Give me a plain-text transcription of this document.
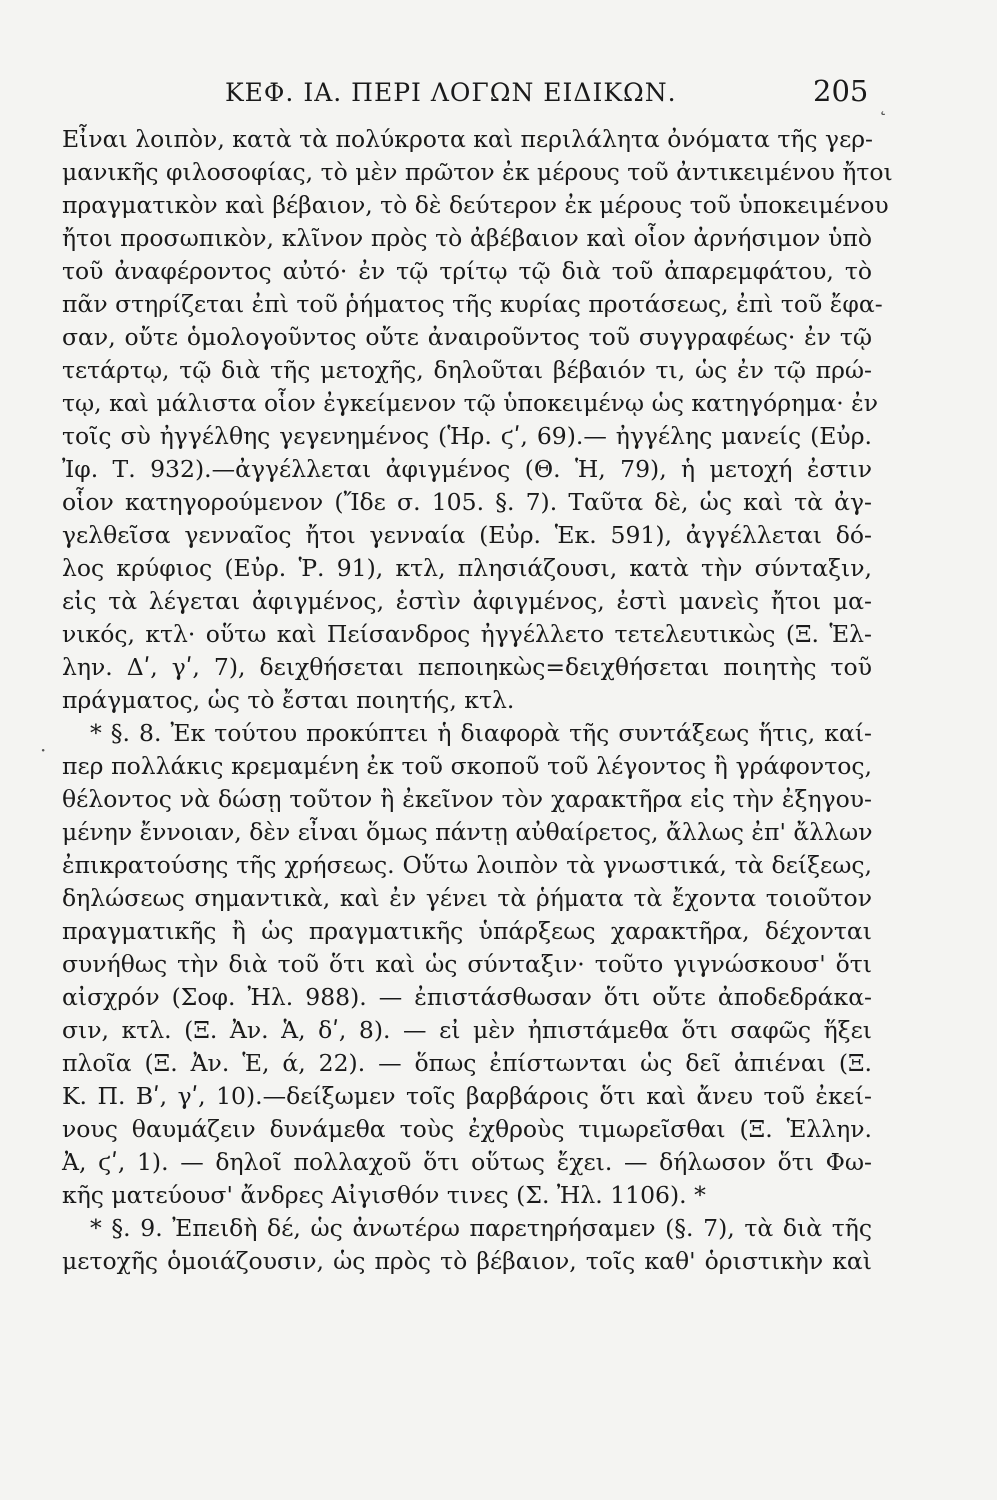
ΚΕΦ. ΙΑ. ΠΕΡΙ ΛΟΓΩΝ ΕΙΔΙΚΩΝ.	205
Εἶναι λοιπὸν, κατὰ τὰ πολύκροτα καὶ περιλάλητα ὀνόματα τῆς γερ-
μανικῆς φιλοσοφίας, τὸ μὲν πρῶτον ἐκ μέρους τοῦ ἀντικειμένου ἤτοι
πραγματικὸν καὶ βέβαιον, τὸ δὲ δεύτερον ἐκ μέρους τοῦ ὑποκειμένου
ἤτοι προσωπικὸν, κλῖνον πρὸς τὸ ἀβέβαιον καὶ οἷον ἀρνήσιμον ὑπὸ
τοῦ ἀναφέροντος αὐτό· ἐν τῷ τρίτῳ τῷ διὰ τοῦ ἀπαρεμφάτου, τὸ
πᾶν στηρίζεται ἐπὶ τοῦ ῥήματος τῆς κυρίας προτάσεως, ἐπὶ τοῦ ἔφα-
σαν, οὔτε ὁμολογοῦντος οὔτε ἀναιροῦντος τοῦ συγγραφέως· ἐν τῷ
τετάρτῳ, τῷ διὰ τῆς μετοχῆς, δηλοῦται βέβαιόν τι, ὡς ἐν τῷ πρώ-
τῳ, καὶ μάλιστα οἷον ἐγκείμενον τῷ ὑποκειμένῳ ὡς κατηγόρημα· ἐν
τοῖς σὺ ἠγγέλθης γεγενημένος (Ἡρ. ϛʹ, 69).— ἠγγέλης μανείς (Εὐρ.
Ἰφ. Τ. 932).—ἀγγέλλεται ἀφιγμένος (Θ. Ἡ, 79), ἡ μετοχή ἐστιν
οἷον κατηγορούμενον (Ἴδε σ. 105. §. 7). Ταῦτα δὲ, ὡς καὶ τὰ ἀγ-
γελθεῖσα γενναῖος ἤτοι γενναία (Εὐρ. Ἑκ. 591), ἀγγέλλεται δό-
λος κρύφιος (Εὐρ. Ῥ. 91), κτλ, πλησιάζουσι, κατὰ τὴν σύνταξιν,
εἰς τὰ λέγεται ἀφιγμένος, ἐστὶν ἀφιγμένος, ἐστὶ μανεὶς ἤτοι μα-
νικός, κτλ· οὕτω καὶ Πείσανδρος ἠγγέλλετο τετελευτικὼς (Ξ. Ἑλ-
λην. Δʹ, γʹ, 7), δειχθήσεται πεποιηκὼς=δειχθήσεται ποιητὴς τοῦ
πράγματος, ὡς τὸ ἔσται ποιητής, κτλ.
* §. 8. Ἐκ τούτου προκύπτει ἡ διαφορὰ τῆς συντάξεως ἥτις, καί-
περ πολλάκις κρεμαμένη ἐκ τοῦ σκοποῦ τοῦ λέγοντος ἢ γράφοντος,
θέλοντος νὰ δώσῃ τοῦτον ἢ ἐκεῖνον τὸν χαρακτῆρα εἰς τὴν ἐξηγου-
μένην ἔννοιαν, δὲν εἶναι ὅμως πάντῃ αὐθαίρετος, ἄλλως ἐπ' ἄλλων
ἐπικρατούσης τῆς χρήσεως. Οὕτω λοιπὸν τὰ γνωστικά, τὰ δείξεως,
δηλώσεως σημαντικὰ, καὶ ἐν γένει τὰ ῥήματα τὰ ἔχοντα τοιοῦτον
πραγματικῆς ἢ ὡς πραγματικῆς ὑπάρξεως χαρακτῆρα, δέχονται
συνήθως τὴν διὰ τοῦ ὅτι καὶ ὡς σύνταξιν· τοῦτο γιγνώσκουσ' ὅτι
αἰσχρόν (Σοφ. Ἠλ. 988). — ἐπιστάσθωσαν ὅτι οὔτε ἀποδεδράκα-
σιν, κτλ. (Ξ. Ἀν. Ἁ, δʹ, 8). — εἰ μὲν ἠπιστάμεθα ὅτι σαφῶς ἥξει
πλοῖα (Ξ. Ἀν. Ἑ, ά, 22). — ὅπως ἐπίστωνται ὡς δεῖ ἀπιέναι (Ξ.
Κ. Π. Βʹ, γʹ, 10).—δείξωμεν τοῖς βαρβάροις ὅτι καὶ ἄνευ τοῦ ἐκεί-
νους θαυμάζειν δυνάμεθα τοὺς ἐχθροὺς τιμωρεῖσθαι (Ξ. Ἑλλην.
Ἀ, ϛʹ, 1). — δηλοῖ πολλαχοῦ ὅτι οὕτως ἔχει. — δήλωσον ὅτι Φω-
κῆς ματεύουσ' ἄνδρες Αἰγισθόν τινες (Σ. Ἠλ. 1106). *
* §. 9. Ἐπειδὴ δέ, ὡς ἀνωτέρω παρετηρήσαμεν (§. 7), τὰ διὰ τῆς
μετοχῆς ὁμοιάζουσιν, ὡς πρὸς τὸ βέβαιον, τοῖς καθ' ὁριστικὴν καὶ
˛
·
